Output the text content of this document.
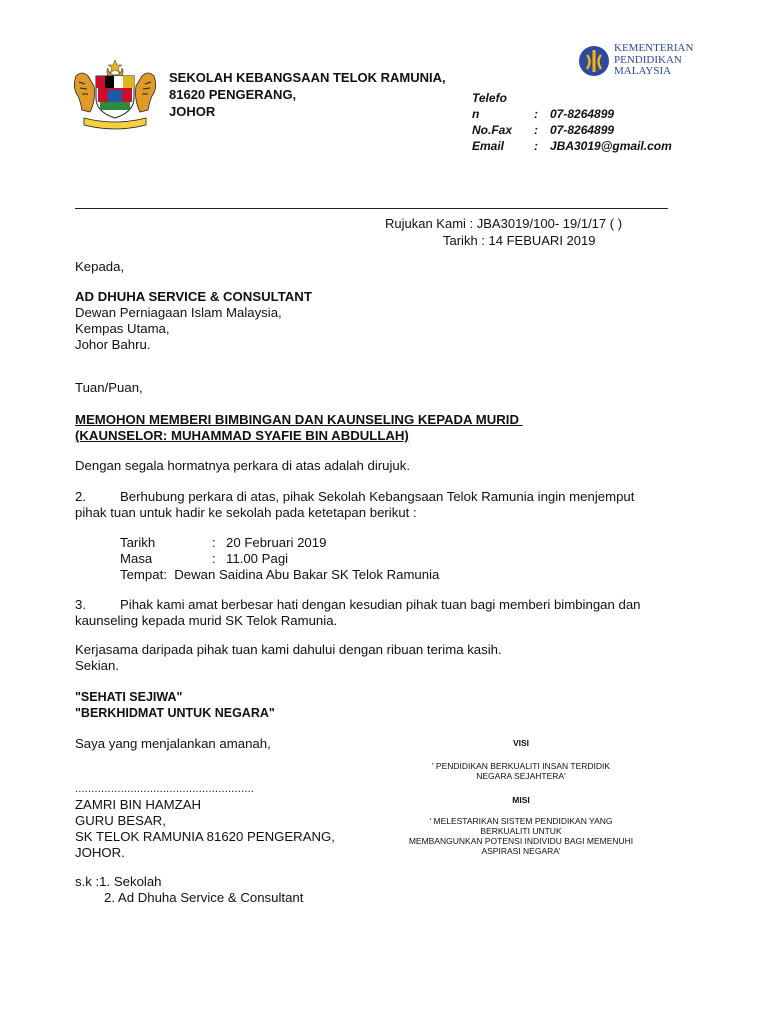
SEKOLAH KEBANGSAAN TELOK RAMUNIA,
81620 PENGERANG,
JOHOR
KEMENTERIAN
PENDIDIKAN
MALAYSIA
Telefo
n	:	07-8264899
No.Fax	:	07-8264899
Email	:	JBA3019@gmail.com
Rujukan Kami : JBA3019/100- 19/1/17 ( )
Tarikh : 14 FEBUARI 2019
Kepada,
AD DHUHA SERVICE & CONSULTANT
Dewan Perniagaan Islam Malaysia,
Kempas Utama,
Johor Bahru.
Tuan/Puan,
MEMOHON MEMBERI BIMBINGAN DAN KAUNSELING KEPADA MURID
(KAUNSELOR: MUHAMMAD SYAFIE BIN ABDULLAH)
Dengan segala hormatnya perkara di atas adalah dirujuk.
2.	Berhubung perkara di atas, pihak Sekolah Kebangsaan Telok Ramunia ingin menjemput
pihak tuan untuk hadir ke sekolah pada ketetapan berikut :
Tarikh	: 20 Februari 2019
Masa	: 11.00 Pagi
Tempat:  Dewan Saidina Abu Bakar SK Telok Ramunia
3.	Pihak kami amat berbesar hati dengan kesudian pihak tuan bagi memberi bimbingan dan
kaunseling kepada murid SK Telok Ramunia.
Kerjasama daripada pihak tuan kami dahului dengan ribuan terima kasih.
Sekian.
"SEHATI SEJIWA"
"BERKHIDMAT UNTUK NEGARA"
Saya yang menjalankan amanah,
.......................................................
ZAMRI BIN HAMZAH
GURU BESAR,
SK TELOK RAMUNIA 81620 PENGERANG,
JOHOR.
s.k :1. Sekolah
2. Ad Dhuha Service & Consultant
VISI
' PENDIDIKAN BERKUALITI INSAN TERDIDIK
NEGARA SEJAHTERA'
MISI
' MELESTARIKAN SISTEM PENDIDIKAN YANG
BERKUALITI UNTUK
MEMBANGUNKAN POTENSI INDIVIDU BAGI MEMENUHI
ASPIRASI NEGARA'
